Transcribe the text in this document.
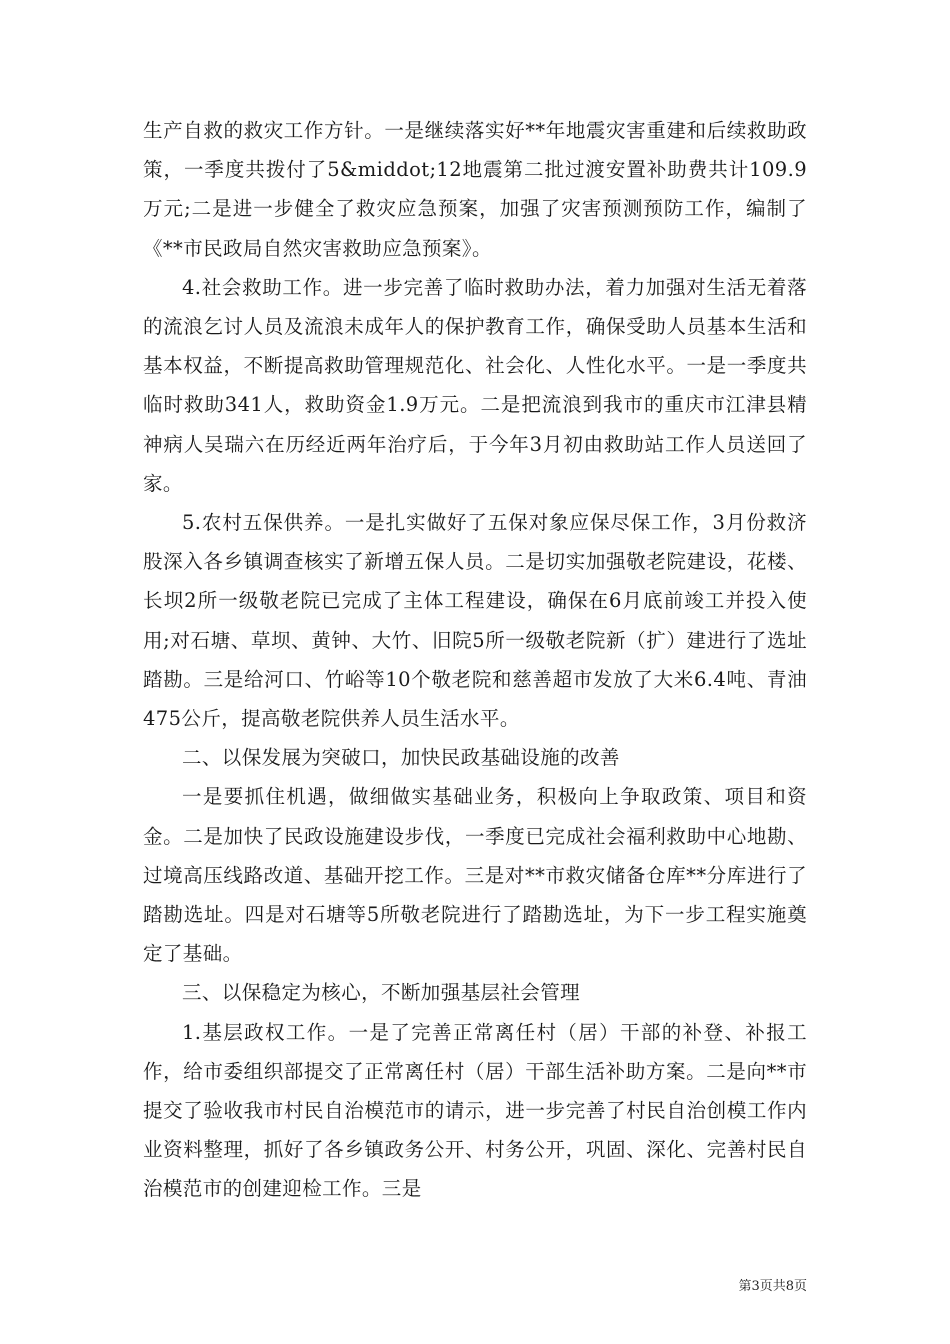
生产自救的救灾工作方针。一是继续落实好**年地震灾害重建和后续救助政策，一季度共拨付了5&middot;12地震第二批过渡安置补助费共计109.9万元;二是进一步健全了救灾应急预案，加强了灾害预测预防工作，编制了《**市民政局自然灾害救助应急预案》。

4.社会救助工作。进一步完善了临时救助办法，着力加强对生活无着落的流浪乞讨人员及流浪未成年人的保护教育工作，确保受助人员基本生活和基本权益，不断提高救助管理规范化、社会化、人性化水平。一是一季度共临时救助341人，救助资金1.9万元。二是把流浪到我市的重庆市江津县精神病人吴瑞六在历经近两年治疗后，于今年3月初由救助站工作人员送回了家。

5.农村五保供养。一是扎实做好了五保对象应保尽保工作，3月份救济股深入各乡镇调查核实了新增五保人员。二是切实加强敬老院建设，花楼、长坝2所一级敬老院已完成了主体工程建设，确保在6月底前竣工并投入使用;对石塘、草坝、黄钟、大竹、旧院5所一级敬老院新（扩）建进行了选址踏勘。三是给河口、竹峪等10个敬老院和慈善超市发放了大米6.4吨、青油475公斤，提高敬老院供养人员生活水平。

二、以保发展为突破口，加快民政基础设施的改善

一是要抓住机遇，做细做实基础业务，积极向上争取政策、项目和资金。二是加快了民政设施建设步伐，一季度已完成社会福利救助中心地勘、过境高压线路改道、基础开挖工作。三是对**市救灾储备仓库**分库进行了踏勘选址。四是对石塘等5所敬老院进行了踏勘选址，为下一步工程实施奠定了基础。

三、以保稳定为核心，不断加强基层社会管理

1.基层政权工作。一是了完善正常离任村（居）干部的补登、补报工作，给市委组织部提交了正常离任村（居）干部生活补助方案。二是向**市提交了验收我市村民自治模范市的请示，进一步完善了村民自治创模工作内业资料整理，抓好了各乡镇政务公开、村务公开，巩固、深化、完善村民自治模范市的创建迎检工作。三是

第3页共8页
